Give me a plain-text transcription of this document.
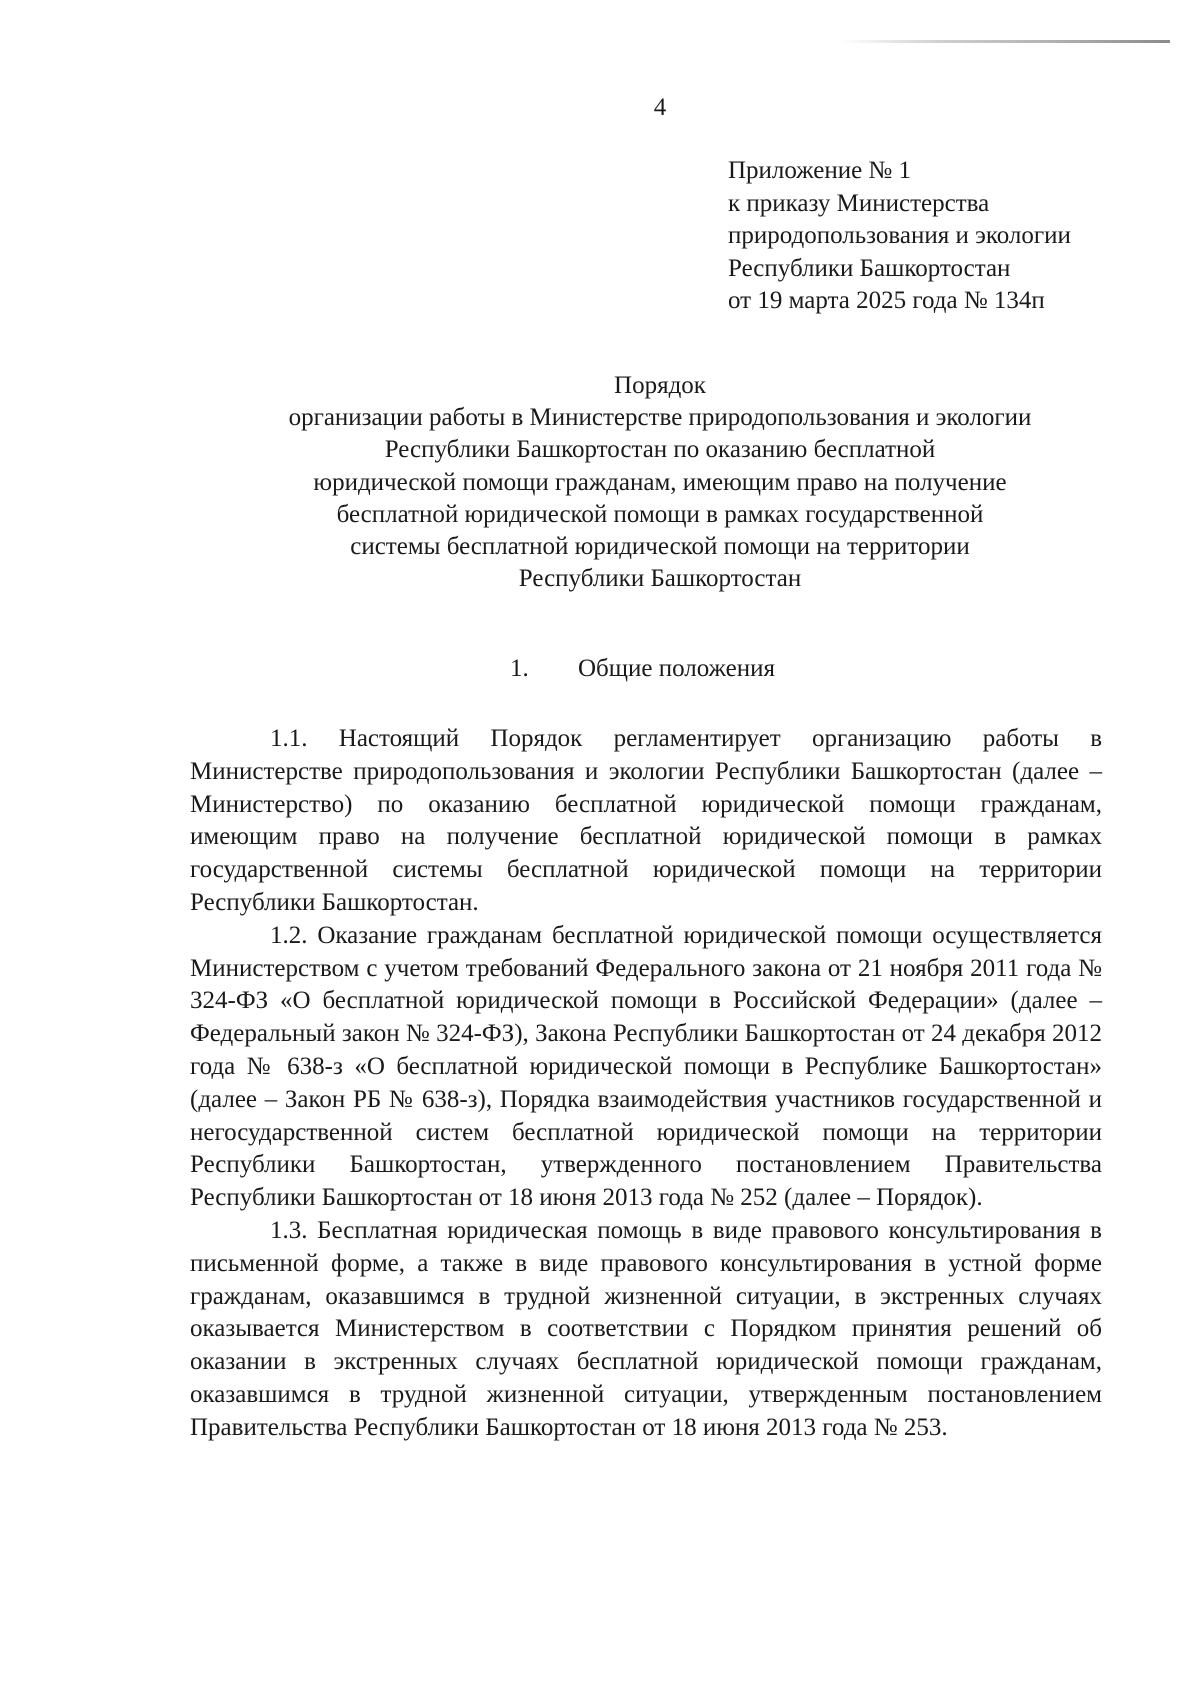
4
Приложение № 1
к приказу Министерства
природопользования и экологии
Республики Башкортостан
от 19 марта 2025 года № 134п
Порядок
организации работы в Министерстве природопользования и экологии
Республики Башкортостан по оказанию бесплатной
юридической помощи гражданам, имеющим право на получение
бесплатной юридической помощи в рамках государственной
системы бесплатной юридической помощи на территории
Республики Башкортостан
1. Общие положения

1.1. Настоящий Порядок регламентирует организацию работы в Министерстве природопользования и экологии Республики Башкортостан (далее – Министерство) по оказанию бесплатной юридической помощи гражданам, имеющим право на получение бесплатной юридической помощи в рамках государственной системы бесплатной юридической помощи на территории Республики Башкортостан.

1.2. Оказание гражданам бесплатной юридической помощи осуществляется Министерством с учетом требований Федерального закона от 21 ноября 2011 года № 324-ФЗ «О бесплатной юридической помощи в Российской Федерации» (далее – Федеральный закон № 324-ФЗ), Закона Республики Башкортостан от 24 декабря 2012 года № 638-з «О бесплатной юридической помощи в Республике Башкортостан» (далее – Закон РБ № 638-з), Порядка взаимодействия участников государственной и негосударственной систем бесплатной юридической помощи на территории Республики Башкортостан, утвержденного постановлением Правительства Республики Башкортостан от 18 июня 2013 года № 252 (далее – Порядок).

1.3. Бесплатная юридическая помощь в виде правового консультирования в письменной форме, а также в виде правового консультирования в устной форме гражданам, оказавшимся в трудной жизненной ситуации, в экстренных случаях оказывается Министерством в соответствии с Порядком принятия решений об оказании в экстренных случаях бесплатной юридической помощи гражданам, оказавшимся в трудной жизненной ситуации, утвержденным постановлением Правительства Республики Башкортостан от 18 июня 2013 года № 253.
